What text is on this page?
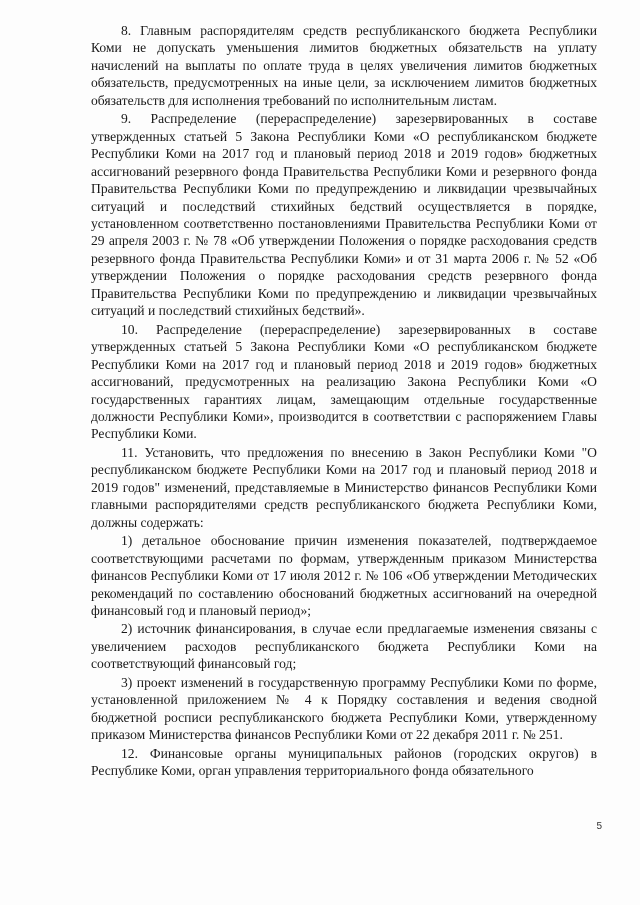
8. Главным распорядителям средств республиканского бюджета Республики Коми не допускать уменьшения лимитов бюджетных обязательств на уплату начислений на выплаты по оплате труда в целях увеличения лимитов бюджетных обязательств, предусмотренных на иные цели, за исключением лимитов бюджетных обязательств для исполнения требований по исполнительным листам.

9. Распределение (перераспределение) зарезервированных в составе утвержденных статьей 5 Закона Республики Коми «О республиканском бюджете Республики Коми на 2017 год и плановый период 2018 и 2019 годов» бюджетных ассигнований резервного фонда Правительства Республики Коми и резервного фонда Правительства Республики Коми по предупреждению и ликвидации чрезвычайных ситуаций и последствий стихийных бедствий осуществляется в порядке, установленном соответственно постановлениями Правительства Республики Коми от 29 апреля 2003 г. № 78 «Об утверждении Положения о порядке расходования средств резервного фонда Правительства Республики Коми» и от 31 марта 2006 г. № 52 «Об утверждении Положения о порядке расходования средств резервного фонда Правительства Республики Коми по предупреждению и ликвидации чрезвычайных ситуаций и последствий стихийных бедствий».

10. Распределение (перераспределение) зарезервированных в составе утвержденных статьей 5 Закона Республики Коми «О республиканском бюджете Республики Коми на 2017 год и плановый период 2018 и 2019 годов» бюджетных ассигнований, предусмотренных на реализацию Закона Республики Коми «О государственных гарантиях лицам, замещающим отдельные государственные должности Республики Коми», производится в соответствии с распоряжением Главы Республики Коми.

11. Установить, что предложения по внесению в Закон Республики Коми "О республиканском бюджете Республики Коми на 2017 год и плановый период 2018 и 2019 годов" изменений, представляемые в Министерство финансов Республики Коми главными распорядителями средств республиканского бюджета Республики Коми, должны содержать:

1) детальное обоснование причин изменения показателей, подтверждаемое соответствующими расчетами по формам, утвержденным приказом Министерства финансов Республики Коми от 17 июля 2012 г. № 106 «Об утверждении Методических рекомендаций по составлению обоснований бюджетных ассигнований на очередной финансовый год и плановый период»;

2) источник финансирования, в случае если предлагаемые изменения связаны с увеличением расходов республиканского бюджета Республики Коми на соответствующий финансовый год;

3) проект изменений в государственную программу Республики Коми по форме, установленной приложением № 4 к Порядку составления и ведения сводной бюджетной росписи республиканского бюджета Республики Коми, утвержденному приказом Министерства финансов Республики Коми от 22 декабря 2011 г. № 251.

12. Финансовые органы муниципальных районов (городских округов) в Республике Коми, орган управления территориального фонда обязательного

5
